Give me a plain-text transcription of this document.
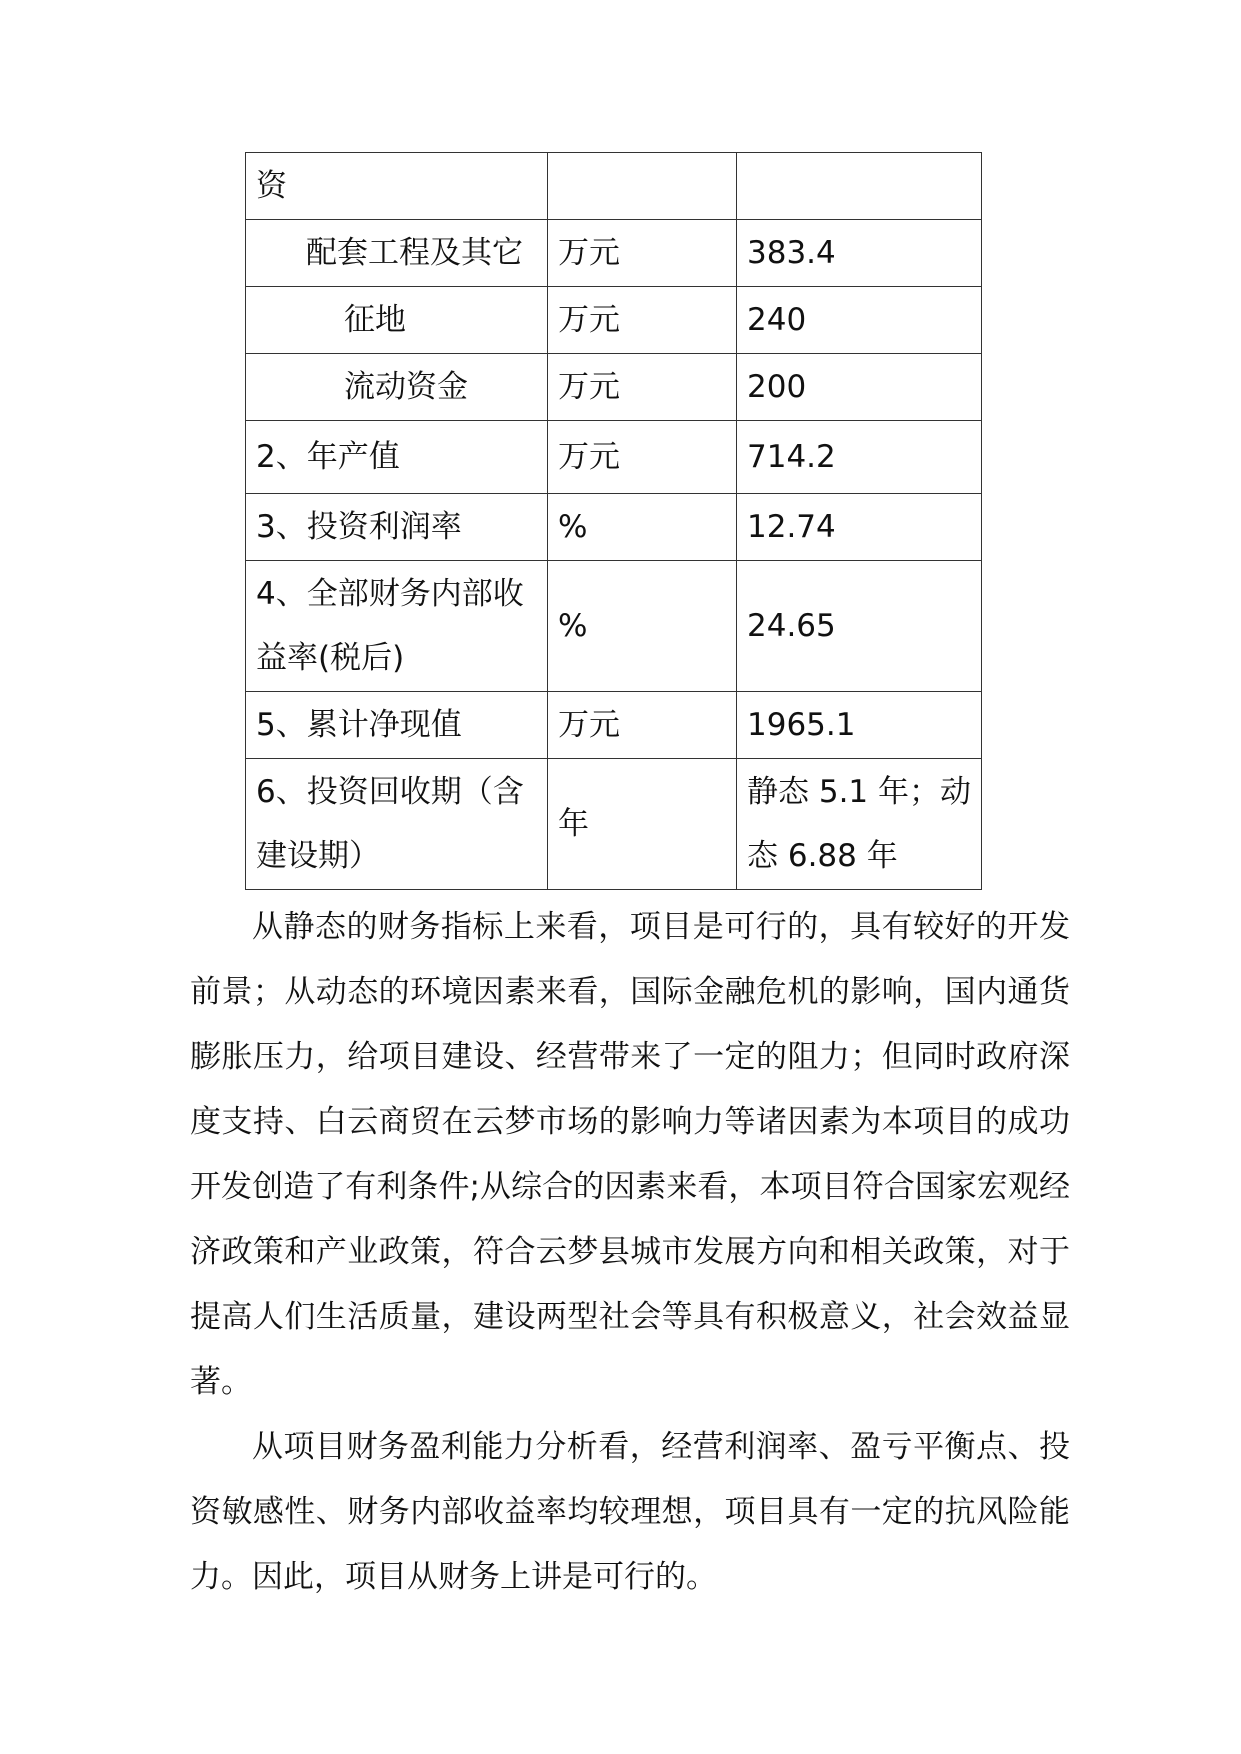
资		
配套工程及其它	万元	383.4
征地	万元	240
流动资金	万元	200
2、年产值	万元	714.2
3、投资利润率	%	12.74
4、全部财务内部收益率(税后)	%	24.65
5、累计净现值	万元	1965.1
6、投资回收期（含建设期）	年	静态 5.1 年；动态 6.88 年

从静态的财务指标上来看，项目是可行的，具有较好的开发前景；从动态的环境因素来看，国际金融危机的影响，国内通货膨胀压力，给项目建设、经营带来了一定的阻力；但同时政府深度支持、白云商贸在云梦市场的影响力等诸因素为本项目的成功开发创造了有利条件;从综合的因素来看，本项目符合国家宏观经济政策和产业政策，符合云梦县城市发展方向和相关政策，对于提高人们生活质量，建设两型社会等具有积极意义，社会效益显著。

从项目财务盈利能力分析看，经营利润率、盈亏平衡点、投资敏感性、财务内部收益率均较理想，项目具有一定的抗风险能力。因此，项目从财务上讲是可行的。
